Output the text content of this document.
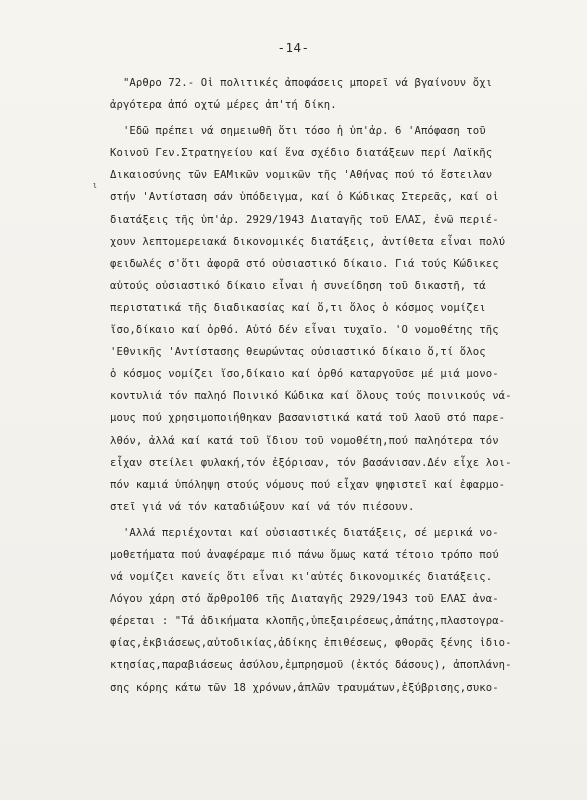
-14-
ι
"Αρθρο 72.- Οἱ πολιτικές ἀποφάσεις μπορεῖ νά βγαίνουν ὄχι
ἀργότερα ἀπό οχτώ μέρες ἀπ'τή δίκη.
'Εδῶ πρέπει νά σημειωθῆ ὅτι τόσο ἡ ὑπ'ἀρ. 6 'Απόφαση τοῦ
Κοινοῦ Γεν.Στρατηγείου καί ἕνα σχέδιο διατάξεων περί Λαϊκῆς
Δικαιοσύνης τῶν ΕΑΜικῶν νομικῶν τῆς 'Αθήνας πού τό ἔστειλαν
στήν 'Αντίσταση σάν ὑπόδειγμα, καί ὁ Κώδικας Στερεᾶς, καί οἱ
διατάξεις τῆς ὑπ'ἀρ. 2929/1943 Διαταγῆς τοῦ ΕΛΑΣ, ἐνῶ περιέ-
χουν λεπτομερειακά δικονομικές διατάξεις, ἀντίθετα εἶναι πολύ
φειδωλές σ'ὅτι ἀφορᾶ στό οὐσιαστικό δίκαιο. Γιά τούς Κώδικες
αὐτούς οὐσιαστικό δίκαιο εἶναι ἡ συνείδηση τοῦ δικαστῆ, τά
περιστατικά τῆς διαδικασίας καί ὅ,τι ὅλος ὁ κόσμος νομίζει
ἴσο,δίκαιο καί ὀρθό. Αὐτό δέν εἶναι τυχαῖο. 'Ο νομοθέτης τῆς
'Εθνικῆς 'Αντίστασης θεωρώντας οὐσιαστικό δίκαιο ὅ,τί ὅλος
ὁ κόσμος νομίζει ἴσο,δίκαιο καί ὀρθό καταργοῦσε μέ μιά μονο-
κοντυλιά τόν παληό Ποινικό Κώδικα καί ὅλους τούς ποινικούς νά-
μους πού χρησιμοποιήθηκαν βασανιστικά κατά τοῦ λαοῦ στό παρε-
λθόν, ἀλλά καί κατά τοῦ ἴδιου τοῦ νομοθέτη,πού παληότερα τόν
εἶχαν στείλει φυλακή,τόν ἐξόρισαν, τόν βασάνισαν.Δέν εἶχε λοι-
πόν καμιά ὑπόληψη στούς νόμους πού εἶχαν ψηφιστεῖ καί ἐφαρμο-
στεῖ γιά νά τόν καταδιώξουν καί νά τόν πιέσουν.
'Αλλά περιέχονται καί οὐσιαστικές διατάξεις, σέ μερικά νο-
μοθετήματα πού ἀναφέραμε πιό πάνω ὅμως κατά τέτοιο τρόπο πού
νά νομίζει κανείς ὅτι εἶναι κι'αὐτές δικονομικές διατάξεις.
Λόγου χάρη στό ἄρθρο106 τῆς Διαταγῆς 2929/1943 τοῦ ΕΛΑΣ ἀνα-
φέρεται : "Τά ἀδικήματα κλοπῆς,ὑπεξαιρέσεως,ἀπάτης,πλαστογρα-
φίας,ἐκβιάσεως,αὐτοδικίας,ἀδίκης ἐπιθέσεως, φθορᾶς ξένης ἰδιο-
κτησίας,παραβιάσεως ἀσύλου,ἐμπρησμοῦ (ἐκτός δάσους), ἀποπλάνη-
σης κόρης κάτω τῶν 18 χρόνων,ἁπλῶν τραυμάτων,ἐξύβρισης,συκο-
